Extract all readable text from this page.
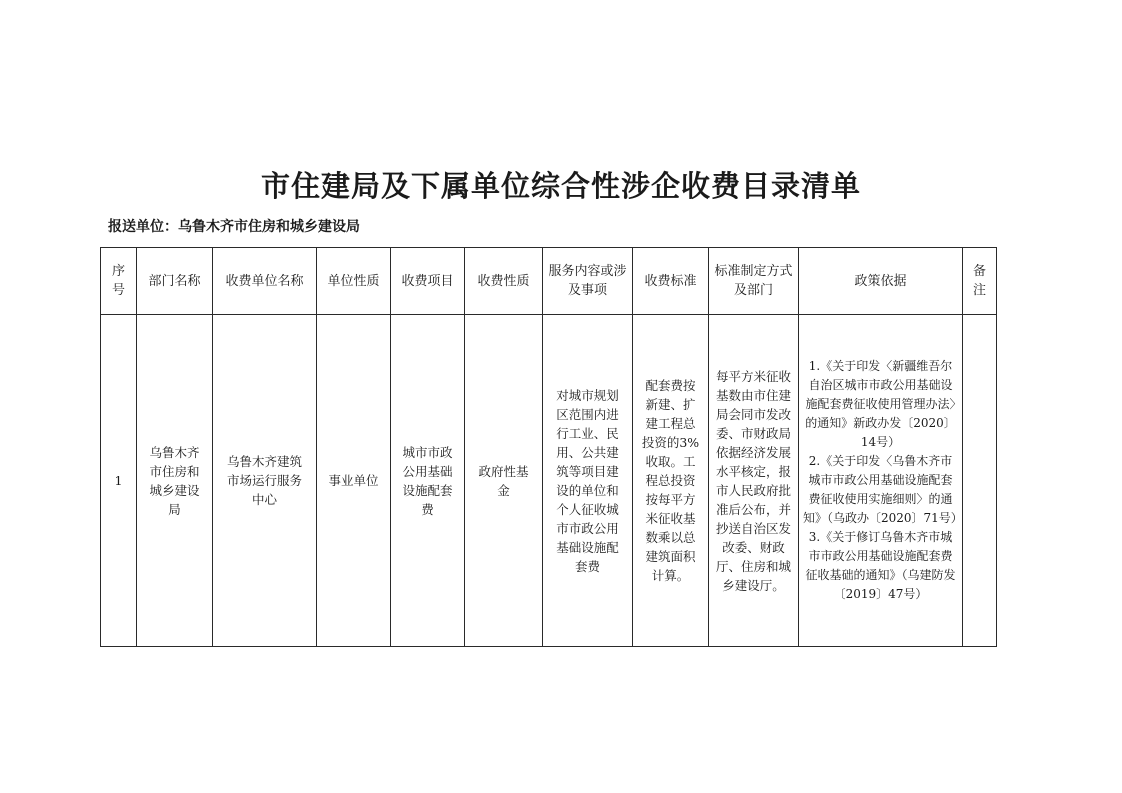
市住建局及下属单位综合性涉企收费目录清单
报送单位：乌鲁木齐市住房和城乡建设局
序号	部门名称	收费单位名称	单位性质	收费项目	收费性质	服务内容或涉及事项	收费标准	标准制定方式及部门	政策依据	备注
1	乌鲁木齐市住房和城乡建设局	乌鲁木齐建筑市场运行服务中心	事业单位	城市市政公用基础设施配套费	政府性基金	对城市规划区范围内进行工业、民用、公共建筑等项目建设的单位和个人征收城市市政公用基础设施配套费	配套费按新建、扩建工程总投资的3%收取。工程总投资按每平方米征收基数乘以总建筑面积计算。	每平方米征收基数由市住建局会同市发改委、市财政局依据经济发展水平核定，报市人民政府批准后公布，并抄送自治区发改委、财政厅、住房和城乡建设厅。	1.《关于印发〈新疆维吾尔自治区城市市政公用基础设施配套费征收使用管理办法〉的通知》新政办发〔2020〕14号）
2.《关于印发〈乌鲁木齐市城市市政公用基础设施配套费征收使用实施细则〉的通知》（乌政办〔2020〕71号）
3.《关于修订乌鲁木齐市城市市政公用基础设施配套费征收基础的通知》（乌建防发〔2019〕47号）	
